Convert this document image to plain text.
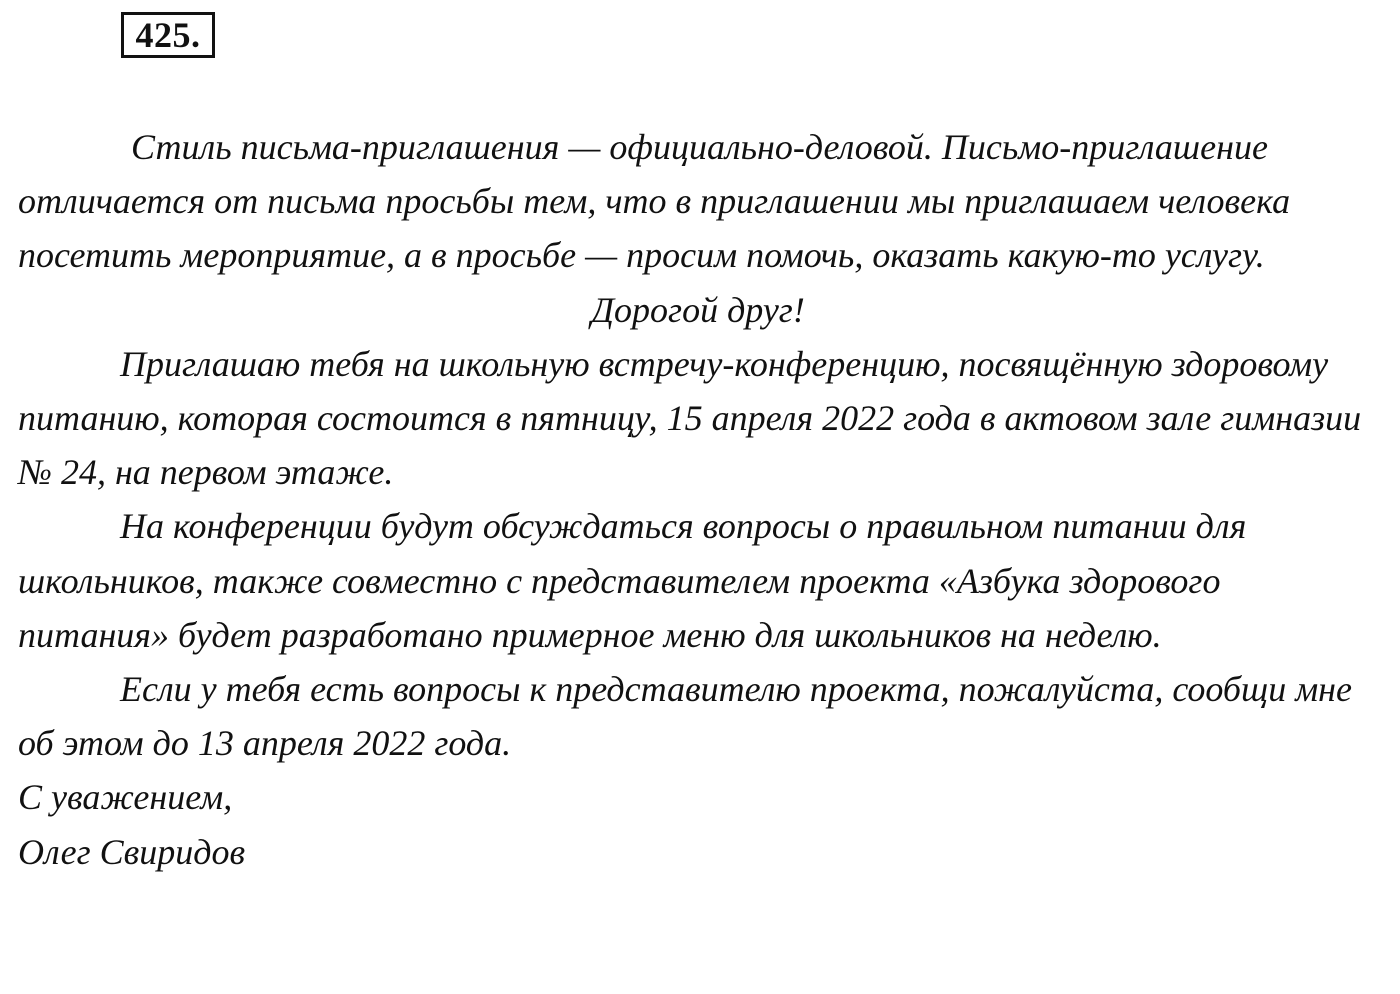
425.

Стиль письма-приглашения — официально-деловой. Письмо-приглашение отличается от письма просьбы тем, что в приглашении мы приглашаем человека посетить мероприятие, а в просьбе — просим помочь, оказать какую-то услугу.

Дорогой друг!

Приглашаю тебя на школьную встречу-конференцию, посвящённую здоровому питанию, которая состоится в пятницу, 15 апреля 2022 года в актовом зале гимназии № 24, на первом этаже.

На конференции будут обсуждаться вопросы о правильном питании для школьников, также совместно с представителем проекта «Азбука здорового питания» будет разработано примерное меню для школьников на неделю.

Если у тебя есть вопросы к представителю проекта, пожалуйста, сообщи мне об этом до 13 апреля 2022 года.

С уважением,

Олег Свиридов
